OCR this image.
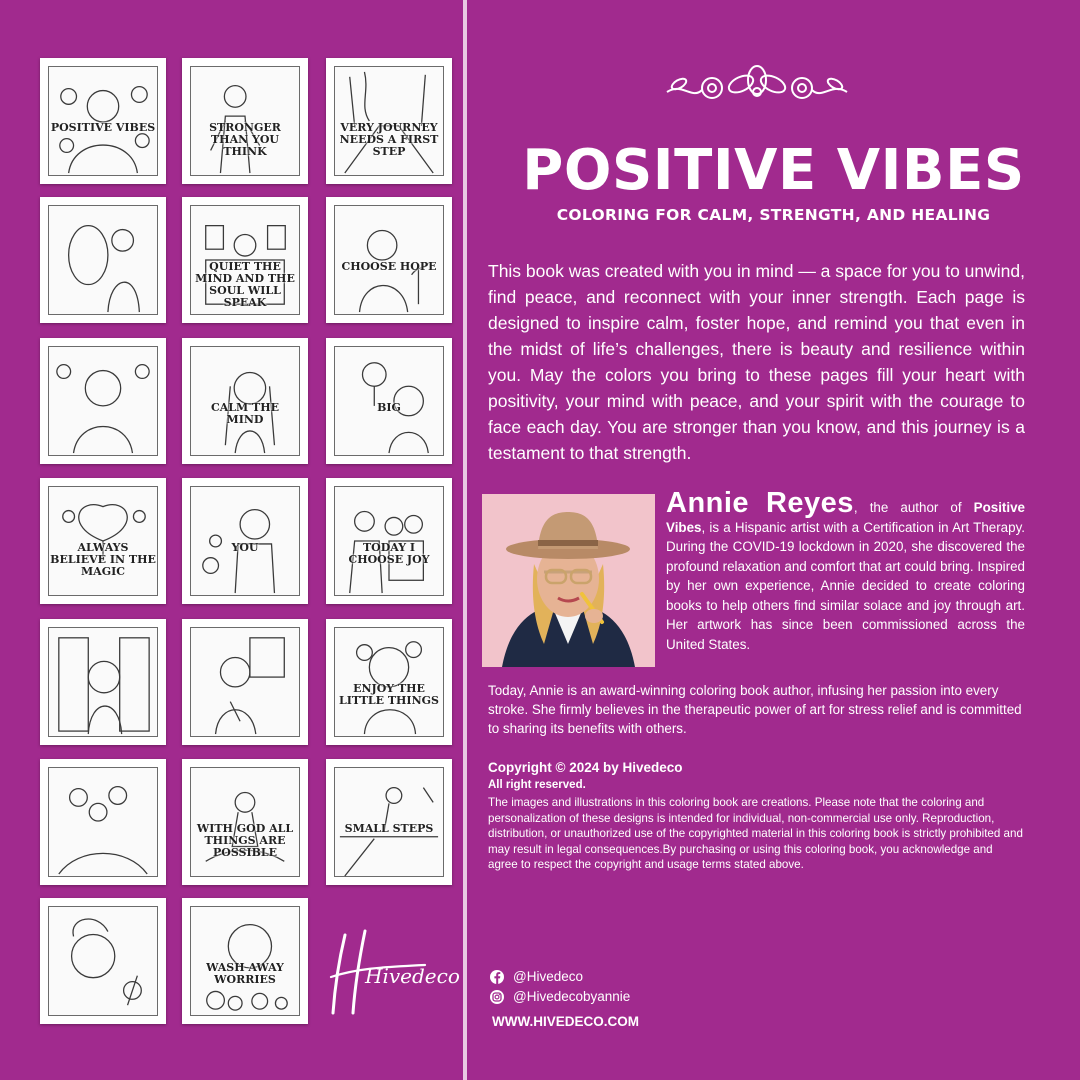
POSITIVE VIBES	STRONGER THAN YOU THINK
VERY JOURNEY NEEDS A FIRST STEP
QUIET THE MIND AND THE SOUL WILL SPEAK
CHOOSE HOPE
CALM THE MIND
BIG
ALWAYS BELIEVE IN THE MAGIC
YOU	TODAY I CHOOSE JOY
ENJOY THE LITTLE THINGS
WITH GOD ALL THINGS ARE POSSIBLE
SMALL STEPS
WASH AWAY WORRIES	Hivedeco
POSITIVE VIBES
COLORING FOR CALM, STRENGTH, AND HEALING

This book was created with you in mind — a space for you to unwind, find peace, and reconnect with your inner strength. Each page is designed to inspire calm, foster hope, and remind you that even in the midst of life’s challenges, there is beauty and resilience within you. May the colors you bring to these pages fill your heart with positivity, your mind with peace, and your spirit with the courage to face each day. You are stronger than you know, and this journey is a testament to that strength.

Annie Reyes, the author of Positive Vibes, is a Hispanic artist with a Certification in Art Therapy. During the COVID-19 lockdown in 2020, she discovered the profound relaxation and comfort that art could bring. Inspired by her own experience, Annie decided to create coloring books to help others find similar solace and joy through art. Her artwork has since been commissioned across the United States.

Today, Annie is an award-winning coloring book author, infusing her passion into every stroke. She firmly believes in the therapeutic power of art for stress relief and is committed to sharing its benefits with others.

Copyright © 2024 by Hivedeco

All right reserved.

The images and illustrations in this coloring book are creations. Please note that the coloring and personalization of these designs is intended for individual, non-commercial use only. Reproduction, distribution, or unauthorized use of the copyrighted material in this coloring book is strictly prohibited and may result in legal consequences.By purchasing or using this coloring book, you acknowledge and agree to respect the copyright and usage terms stated above.

@Hivedeco
@Hivedecobyannie
WWW.HIVEDECO.COM
